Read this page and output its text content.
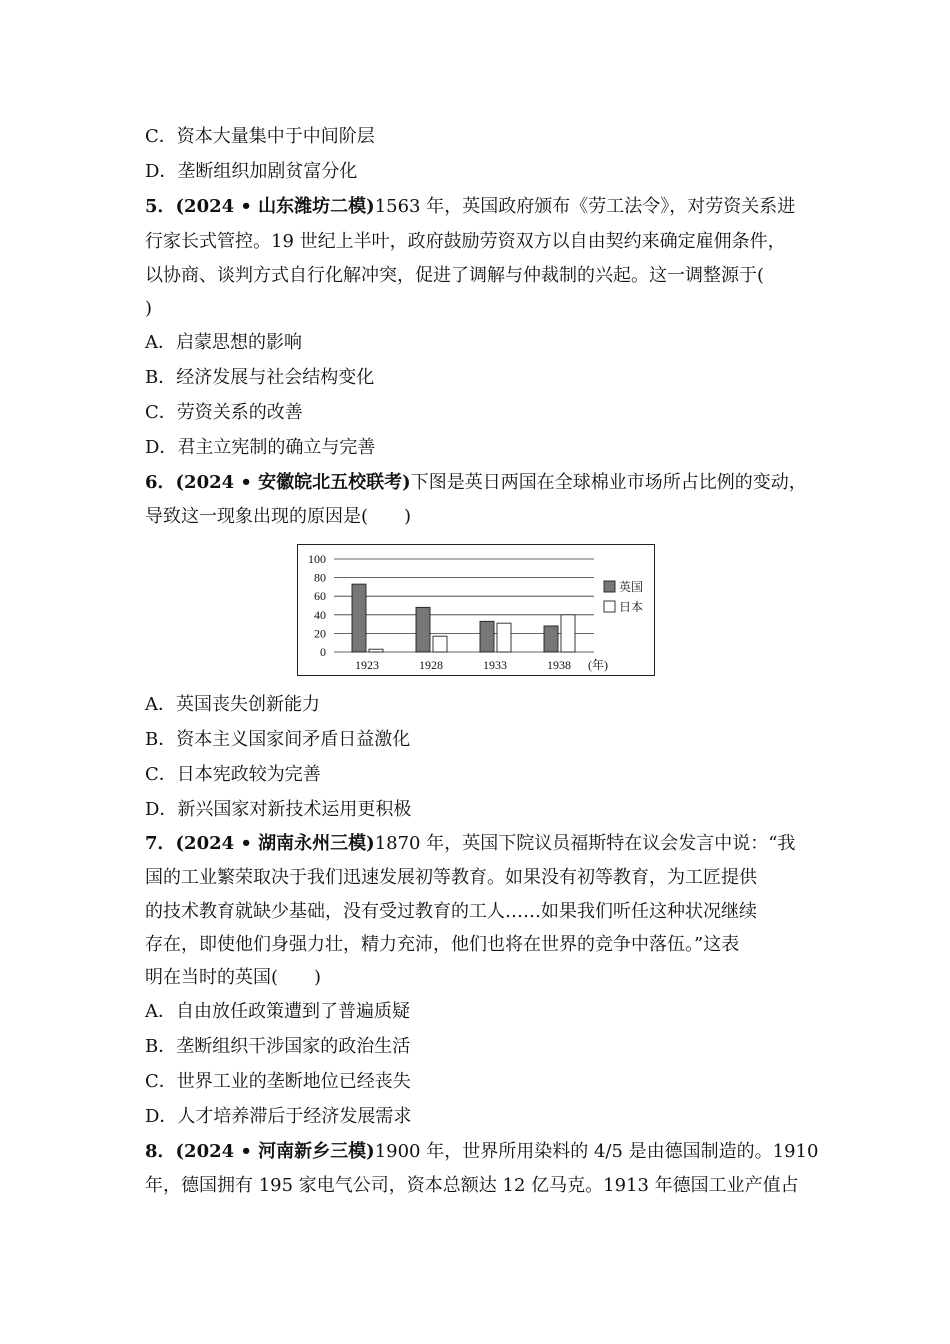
C．资本大量集中于中间阶层
D．垄断组织加剧贫富分化
5．(2024 • 山东潍坊二模)1563 年，英国政府颁布《劳工法令》，对劳资关系进
行家长式管控。19 世纪上半叶，政府鼓励劳资双方以自由契约来确定雇佣条件，
以协商、谈判方式自行化解冲突，促进了调解与仲裁制的兴起。这一调整源于(
)
A．启蒙思想的影响
B．经济发展与社会结构变化
C．劳资关系的改善
D．君主立宪制的确立与完善
6．(2024 • 安徽皖北五校联考)下图是英日两国在全球棉业市场所占比例的变动，
导致这一现象出现的原因是(　　)
100
80
60
40
20
0
1923	1928	1933	1938 (年)
英国
日本
A．英国丧失创新能力
B．资本主义国家间矛盾日益激化
C．日本宪政较为完善
D．新兴国家对新技术运用更积极
7．(2024 • 湖南永州三模)1870 年，英国下院议员福斯特在议会发言中说：“我
国的工业繁荣取决于我们迅速发展初等教育。如果没有初等教育，为工匠提供
的技术教育就缺少基础，没有受过教育的工人……如果我们听任这种状况继续
存在，即使他们身强力壮，精力充沛，他们也将在世界的竞争中落伍。”这表
明在当时的英国(　　)
A．自由放任政策遭到了普遍质疑
B．垄断组织干涉国家的政治生活
C．世界工业的垄断地位已经丧失
D．人才培养滞后于经济发展需求
8．(2024 • 河南新乡三模)1900 年，世界所用染料的 4/5 是由德国制造的。1910
年，德国拥有 195 家电气公司，资本总额达 12 亿马克。1913 年德国工业产值占
